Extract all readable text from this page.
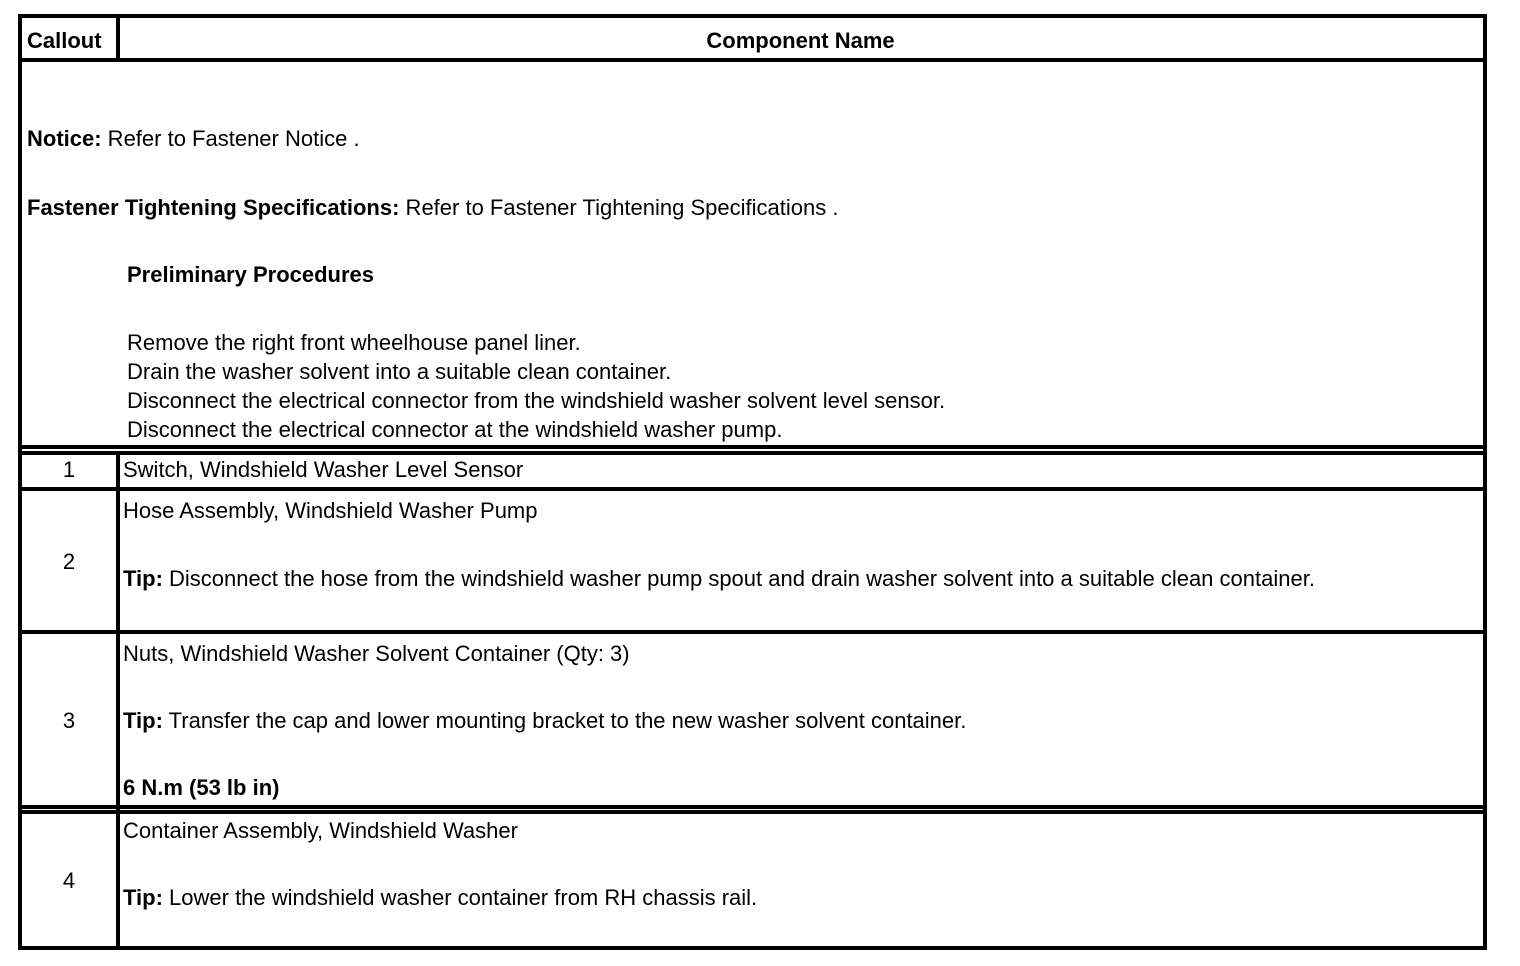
Callout	Component Name
Notice: Refer to Fastener Notice .
Fastener Tightening Specifications: Refer to Fastener Tightening Specifications .
Preliminary Procedures
Remove the right front wheelhouse panel liner.
Drain the washer solvent into a suitable clean container.
Disconnect the electrical connector from the windshield washer solvent level sensor.
Disconnect the electrical connector at the windshield washer pump.
1	Switch, Windshield Washer Level Sensor
2
Hose Assembly, Windshield Washer Pump
Tip: Disconnect the hose from the windshield washer pump spout and drain washer solvent into a suitable clean container.
3
Nuts, Windshield Washer Solvent Container (Qty: 3)
Tip: Transfer the cap and lower mounting bracket to the new washer solvent container.
6 N.m (53 lb in)
4
Container Assembly, Windshield Washer
Tip: Lower the windshield washer container from RH chassis rail.
